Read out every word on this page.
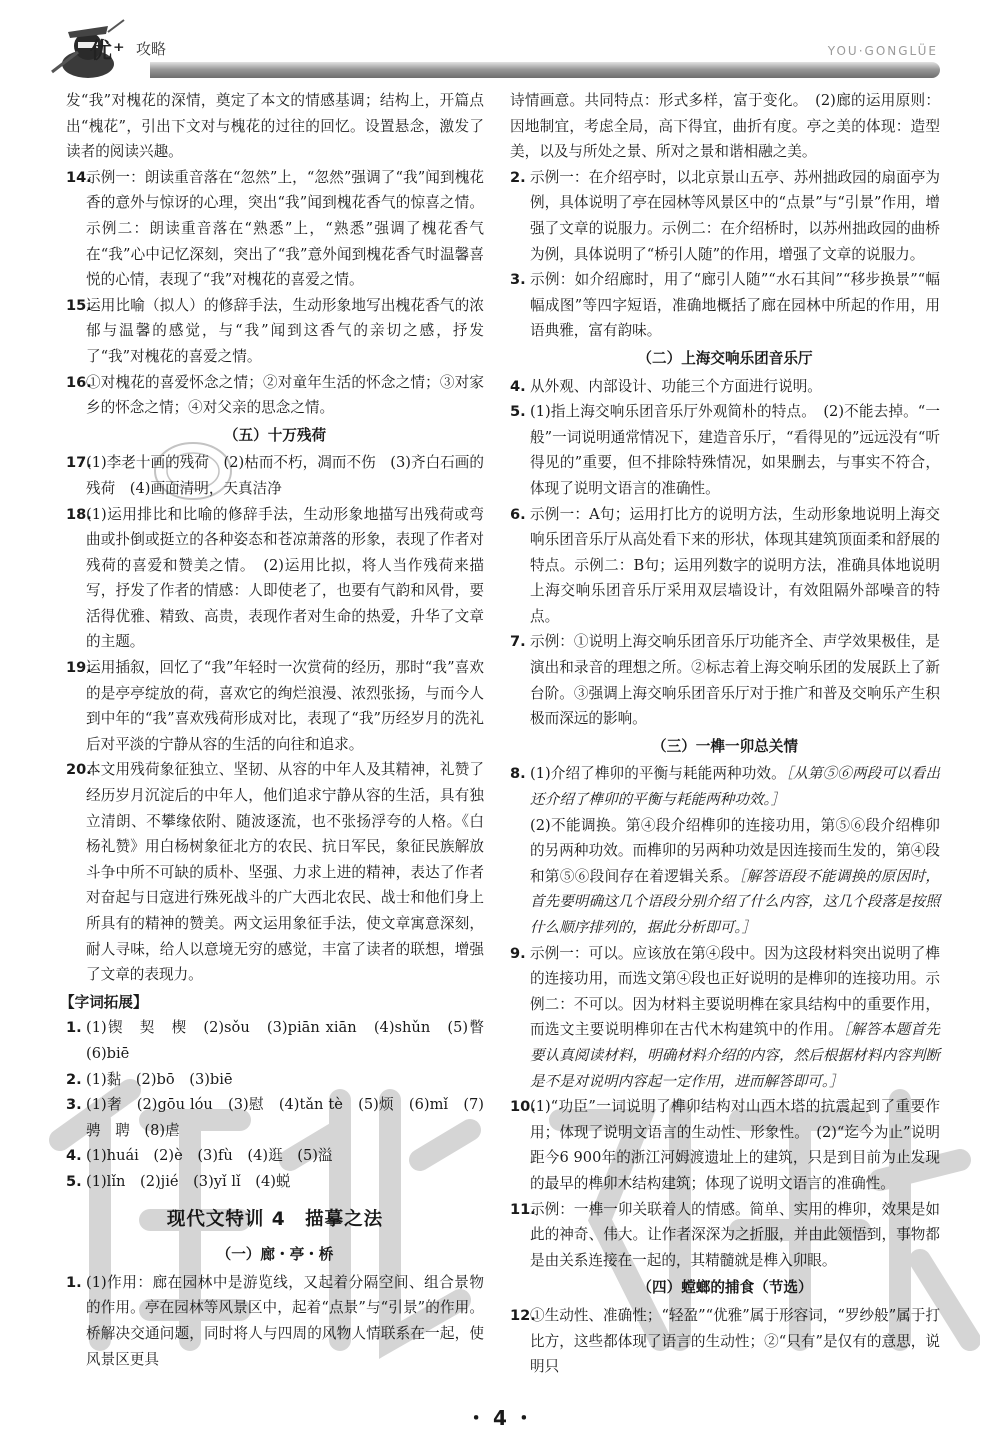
优⁺ 攻略	YOU·GONGLÜE

发“我”对槐花的深情，奠定了本文的情感基调；结构上，开篇点出“槐花”，引出下文对与槐花的过往的回忆。设置悬念，激发了读者的阅读兴趣。

14.
示例一：朗读重音落在“忽然”上，“忽然”强调了“我”闻到槐花香的意外与惊讶的心理，突出“我”闻到槐花香气的惊喜之情。示例二：朗读重音落在“熟悉”上，“熟悉”强调了槐花香气在“我”心中记忆深刻，突出了“我”意外闻到槐花香气时温馨喜悦的心情，表现了“我”对槐花的喜爱之情。

15.
运用比喻（拟人）的修辞手法，生动形象地写出槐花香气的浓郁与温馨的感觉，与“我”闻到这香气的亲切之感，抒发了“我”对槐花的喜爱之情。

16.
①对槐花的喜爱怀念之情；②对童年生活的怀念之情；③对家乡的怀念之情；④对父亲的思念之情。

（五）十万残荷

17.
(1)李老十画的残荷　(2)枯而不朽，凋而不伤　(3)齐白石画的残荷　(4)画面清明，天真洁净

18.
(1)运用排比和比喻的修辞手法，生动形象地描写出残荷或弯曲或扑倒或挺立的各种姿态和苍凉萧落的形象，表现了作者对残荷的喜爱和赞美之情。　(2)运用比拟，将人当作残荷来描写，抒发了作者的情感：人即使老了，也要有气韵和风骨，要活得优雅、精致、高贵，表现作者对生命的热爱，升华了文章的主题。

19.
运用插叙，回忆了“我”年轻时一次赏荷的经历，那时“我”喜欢的是亭亭绽放的荷，喜欢它的绚烂浪漫、浓烈张扬，与而今人到中年的“我”喜欢残荷形成对比，表现了“我”历经岁月的洗礼后对平淡的宁静从容的生活的向往和追求。

20.
本文用残荷象征独立、坚韧、从容的中年人及其精神，礼赞了经历岁月沉淀后的中年人，他们追求宁静从容的生活，具有独立清朗、不攀缘依附、随波逐流，也不张扬浮夸的人格。《白杨礼赞》用白杨树象征北方的农民、抗日军民，象征民族解放斗争中所不可缺的质朴、坚强、力求上进的精神，表达了作者对奋起与日寇进行殊死战斗的广大西北农民、战士和他们身上所具有的精神的赞美。两文运用象征手法，使文章寓意深刻，耐人寻味，给人以意境无穷的感觉，丰富了读者的联想，增强了文章的表现力。

【字词拓展】

1. (1)锲　契　楔　(2)sǒu　(3)piān xiān　(4)shǔn　(5)瞥　(6)biē

2. (1)黏　(2)bō　(3)biē

3. (1)奢　(2)gōu lóu　(3)慰　(4)tǎn tè　(5)烦　(6)mǐ　(7)骋　聘　(8)虐

4. (1)huái　(2)è　(3)fù　(4)逛　(5)溢

5. (1)lǐn　(2)jié　(3)yǐ lǐ　(4)蜕

现代文特训 4　描摹之法
（一）廊・亭・桥

1. (1)作用：廊在园林中是游览线，又起着分隔空间、组合景物的作用。亭在园林等风景区中，起着“点景”与“引景”的作用。桥解决交通问题，同时将人与四周的风物人情联系在一起，使风景区更具

诗情画意。共同特点：形式多样，富于变化。　(2)廊的运用原则：因地制宜，考虑全局，高下得宜，曲折有度。亭之美的体现：造型美，以及与所处之景、所对之景和谐相融之美。

2. 示例一：在介绍亭时，以北京景山五亭、苏州拙政园的扇面亭为例，具体说明了亭在园林等风景区中的“点景”与“引景”作用，增强了文章的说服力。示例二：在介绍桥时，以苏州拙政园的曲桥为例，具体说明了“桥引人随”的作用，增强了文章的说服力。

3. 示例：如介绍廊时，用了“廊引人随”“水石其间”“移步换景”“幅幅成图”等四字短语，准确地概括了廊在园林中所起的作用，用语典雅，富有韵味。

（二）上海交响乐团音乐厅

4. 从外观、内部设计、功能三个方面进行说明。

5. (1)指上海交响乐团音乐厅外观简朴的特点。　(2)不能去掉。“一般”一词说明通常情况下，建造音乐厅，“看得见的”远远没有“听得见的”重要，但不排除特殊情况，如果删去，与事实不符合，体现了说明文语言的准确性。

6. 示例一：A句；运用打比方的说明方法，生动形象地说明上海交响乐团音乐厅从高处看下来的形状，体现其建筑顶面柔和舒展的特点。示例二：B句；运用列数字的说明方法，准确具体地说明上海交响乐团音乐厅采用双层墙设计，有效阻隔外部噪音的特点。

7. 示例：①说明上海交响乐团音乐厅功能齐全、声学效果极佳，是演出和录音的理想之所。②标志着上海交响乐团的发展跃上了新台阶。③强调上海交响乐团音乐厅对于推广和普及交响乐产生积极而深远的影响。

（三）一榫一卯总关情

8. (1)介绍了榫卯的平衡与耗能两种功效。［从第⑤⑥两段可以看出还介绍了榫卯的平衡与耗能两种功效。］

(2)不能调换。第④段介绍榫卯的连接功用，第⑤⑥段介绍榫卯的另两种功效。而榫卯的另两种功效是因连接而生发的，第④段和第⑤⑥段间存在着逻辑关系。［解答语段不能调换的原因时，首先要明确这几个语段分别介绍了什么内容，这几个段落是按照什么顺序排列的，据此分析即可。］

9. 示例一：可以。应该放在第④段中。因为这段材料突出说明了榫的连接功用，而选文第④段也正好说明的是榫卯的连接功用。示例二：不可以。因为材料主要说明榫在家具结构中的重要作用，而选文主要说明榫卯在古代木构建筑中的作用。［解答本题首先要认真阅读材料，明确材料介绍的内容，然后根据材料内容判断是不是对说明内容起一定作用，进而解答即可。］

10.
(1)“功臣”一词说明了榫卯结构对山西木塔的抗震起到了重要作用；体现了说明文语言的生动性、形象性。　(2)“迄今为止”说明距今6 900年的浙江河姆渡遗址上的建筑，只是到目前为止发现的最早的榫卯木结构建筑；体现了说明文语言的准确性。

11.
示例：一榫一卯关联着人的情感。简单、实用的榫卯，效果是如此的神奇、伟大。让作者深深为之折服，并由此领悟到，事物都是由关系连接在一起的，其精髓就是榫入卯眼。

（四）螳螂的捕食（节选）

12.
①生动性、准确性；“轻盈”“优雅”属于形容词，“罗纱般”属于打比方，这些都体现了语言的生动性；②“只有”是仅有的意思，说明只

・ 4 ・
